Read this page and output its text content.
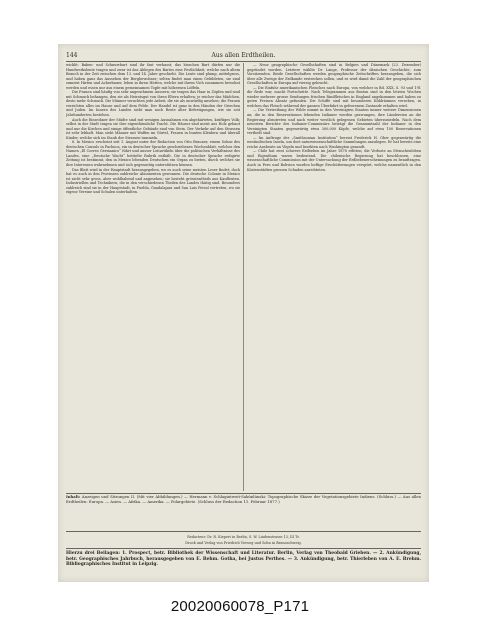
144	Aus allen Erdtheilen.

wicklit: Baken- und Schnurrbart sind ihr fast verhasst; das bisschen Bart dürfen nur die Handwerksleute tragen und zwar ist das Ablegen des Bartes eine Festlichkeit, welche nach altem Brauch in der Zeit zwischen dem 13. und 14. Jahre geschieht. Die Leute sind plump, mittelgross, und haben ganz das Aussehen der Bergbewohner; selten findet man einen Gebildeten, sie sind zumeist Hirten und Ackerbauer, leben in ihren Hütten, welche mit ihrem Vieh zusammen bewohnt werden und essen nur aus einem gemeinsamen Topfe mit hölzernen Löffeln.

Die Frauen sind häufig von sehr angenehmem Äussern; sie tragen das Haar in Zöpfen und sind mit Schmuck behangen, den sie als Heiratsgut von ihren Eltern erhalten; je reicher das Mädchen, desto mehr Schmuck. Die Männer verachten jede Arbeit, die sie als unwürdig ansehen; die Frauen verrichten alles im Hause und auf dem Felde. Der Handel ist ganz in den Händen der Griechen und Juden. Im Innern des Landes sieht man noch Reste alter Befestigungen, wie sie seit Jahrhunderten bestehen.

Auch die Einwohner der Städte sind mit wenigen Ausnahmen ein abgehärtetes, kräftiges Volk; selbst in der Stadt tragen sie ihre eigenthümliche Tracht. Die Häuser sind meist aus Holz gebaut und nur die Kirchen und einige öffentliche Gebäude sind von Stein. Der Verkehr auf den Strassen ist sehr lebhaft. Man sieht Männer mit Waffen im Gürtel, Frauen in bunten Kleidern und überall Kinder, welche sich im Staub der Strassen tummeln.

8. In Mexico erscheint seit 1. August unter der Redaction von Otto Brauner, einem Sohne des deutschen Consuls in Pachuca, ein in deutscher Sprache geschriebenes Wochenblatt, welches den Namen „El Correo Germanico“ führt und ausser Leitartikeln über die politischen Verhältnisse des Landes, eine „Deutsche Wacht“ betitelte Rubrik enthält. Die in deutscher Sprache redigirte Zeitung ist bestimmt, den in Mexico lebenden Deutschen ein Organ zu bieten, durch welches sie ihre Interessen wahrnehmen und sich gegenseitig unterstützen können.

Das Blatt wird in der Hauptstadt herausgegeben, wo es auch seine meisten Leser findet; doch hat es auch in den Provinzen zahlreiche Abonnenten gewonnen. Die deutsche Colonie in Mexico ist nicht sehr gross, aber wohlhabend und angesehen; sie besteht grösstentheils aus Kaufleuten, Industriellen und Technikern, die in den verschiedenen Theilen des Landes thätig sind. Besonders zahlreich sind sie in der Hauptstadt, in Puebla, Guadalajara und San Luis Potosí vertreten, wo sie eigene Vereine und Schulen unterhalten.

— Neue geographische Gesellschaften sind in Belgien und Dänemark (23. Dezember) gegründet worden. Letztere wählte Dr. Lange, Professor der dänischen Geschichte, zum Vorsitzenden. Beide Gesellschaften werden geographische Zeitschriften herausgeben, die sich über alle Zweige der Erdkunde erstrecken sollen, und es wird damit die Zahl der geographischen Gesellschaften in Europa auf vierzig gebracht.

— Die Einfuhr amerikanischen Fleisches nach Europa, von welcher in Bd. XXX, S. 93 und 191 die Rede war, macht Fortschritte. Nach Telegrammen aus Boston sind in den letzten Wochen wieder mehrere grosse Sendungen frischen Rindfleisches in England angekommen und haben zu guten Preisen Absatz gefunden. Die Schiffe sind mit besonderen Kühlräumen versehen, in welchen das Fleisch während der ganzen Überfahrt in gefrorenem Zustande erhalten wird.

— Die Vertreibung der Wilde nimmt in den Vereinigten Staaten immer weitere Dimensionen an; die in den Reservationen lebenden Indianer werden gezwungen, ihre Ländereien an die Regierung abzutreten und nach weiter westlich gelegenen Gebieten überzusiedeln. Nach dem neuesten Berichte des Indianer-Commissärs beträgt die Gesammtzahl der Indianer in den Vereinigten Staaten gegenwärtig etwa 300,000 Köpfe, welche auf etwa 100 Reservationen vertheilt sind.

— Im Auftrage der „Smithsonian Institution“ bereist Frederick H. Ober gegenwärtig die westindischen Inseln, um dort naturwissenschaftliche Sammlungen anzulegen. Er hat bereits eine reiche Ausbeute an Vögeln und Insekten nach Washington gesandt.

— Chile hat zwei schwere Erdbeben im Jahre 1878 erlitten; die Verluste an Menschenleben und Eigenthum waren bedeutend. Die chilenische Regierung hat beschlossen, eine wissenschaftliche Commission mit der Untersuchung der Erdbebenerscheinungen zu beauftragen. Auch in Peru und Bolivien wurden heftige Erschütterungen verspürt, welche namentlich in den Küstenstädten grossen Schaden anrichteten.

Inhalt: Anzeigen und Sitzungen II. (Mit vier Abbildungen.) — Hermann v. Schlagintweit-Sakünlünski: Topographische Skizze der Vegetationsgebiete Indiens. (Schluss.) — Aus allen Erdtheilen: Europa. — Asien. — Afrika. — Amerika. — Polargebiete. (Schluss der Redaction 11. Februar 1877.)
Redacteur: Dr. R. Kiepert in Berlin, S. W. Lindenstrasse 13, III Tr.
Druck und Verlag von Friedrich Vieweg und Sohn in Braunschweig.
Hierzu drei Beilagen: 1. Prospect, betr. Bibliothek der Wissenschaft und Literatur. Berlin, Verlag von Theobald Grieben. — 2. Ankündigung, betr. Geographisches Jahrbuch, herausgegeben von E. Behm. Gotha, bei Justus Perthes. — 3. Ankündigung, betr. Thierleben von A. E. Brehm. Bibliographisches Institut in Leipzig.
20020060078_P171
